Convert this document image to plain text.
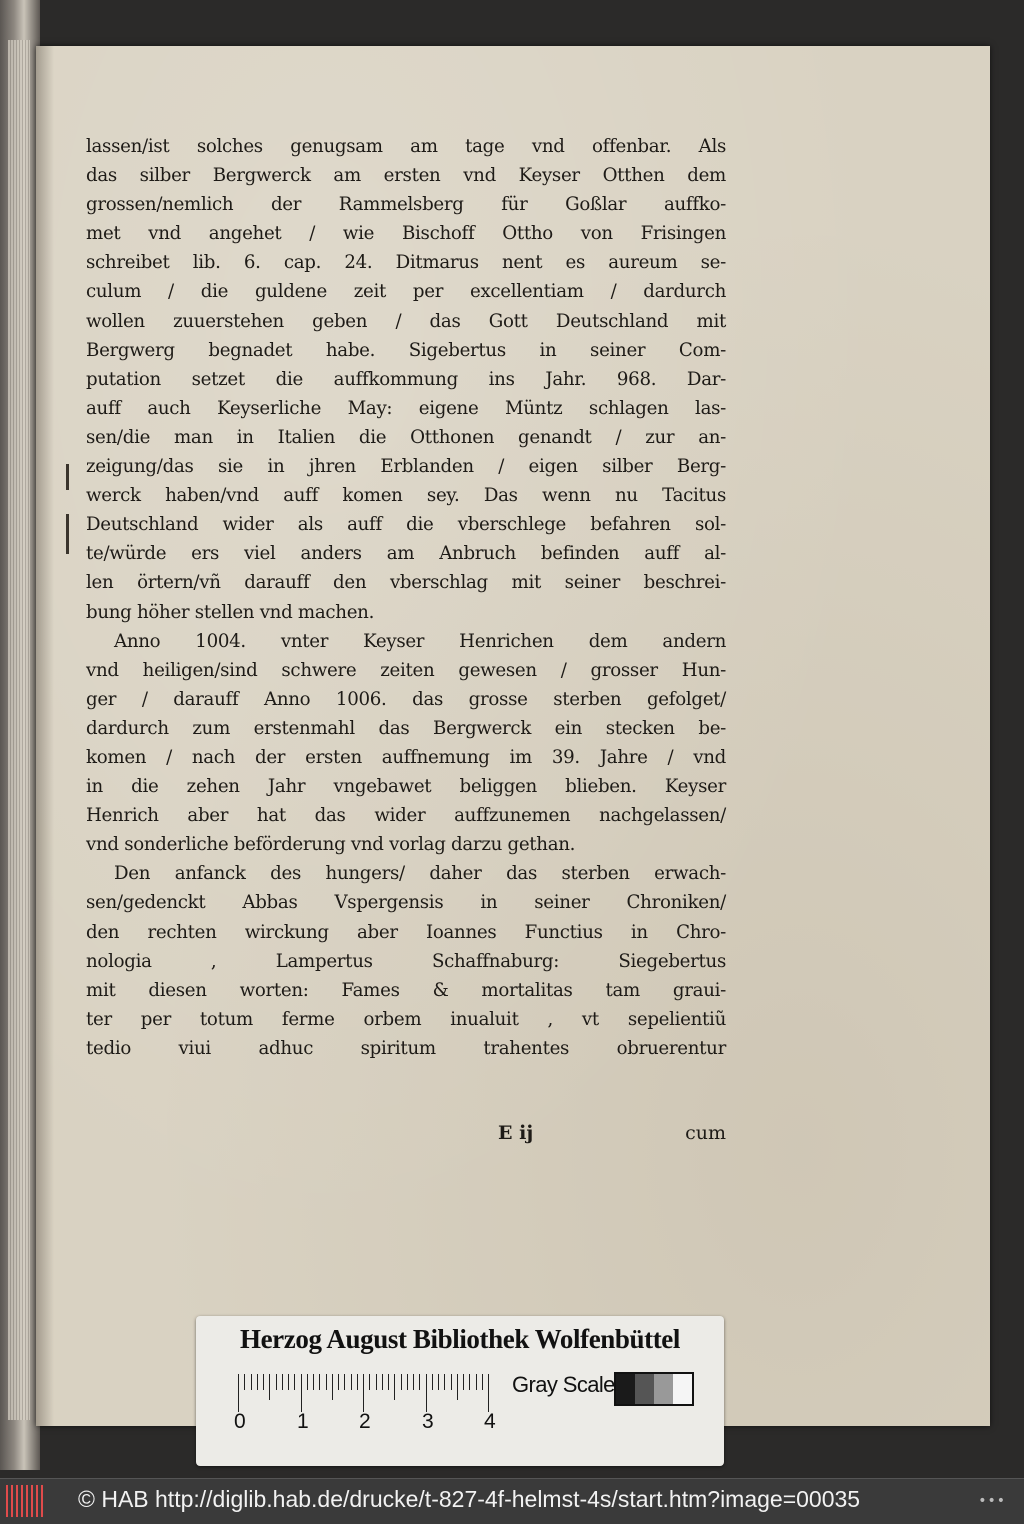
lassen/ist solches genugsam am tage vnd offenbar. Als
das silber Bergwerck am ersten vnd Keyser Otthen dem
grossen/nemlich der Rammelsberg für Goßlar auffko-
met vnd angehet / wie Bischoff Ottho von Frisingen
schreibet lib. 6. cap. 24. Ditmarus nent es aureum se-
culum / die guldene zeit per excellentiam / dardurch
wollen zuuerstehen geben / das Gott Deutschland mit
Bergwerg begnadet habe. Sigebertus in seiner Com-
putation setzet die auffkommung ins Jahr. 968. Dar-
auff auch Keyserliche May: eigene Müntz schlagen las-
sen/die man in Italien die Otthonen genandt / zur an-
zeigung/das sie in jhren Erblanden / eigen silber Berg-
werck haben/vnd auff komen sey. Das wenn nu Tacitus
Deutschland wider als auff die vberschlege befahren sol-
te/würde ers viel anders am Anbruch befinden auff al-
len örtern/vñ darauff den vberschlag mit seiner beschrei-
bung höher stellen vnd machen.
Anno 1004. vnter Keyser Henrichen dem andern
vnd heiligen/sind schwere zeiten gewesen / grosser Hun-
ger / darauff Anno 1006. das grosse sterben gefolget/
dardurch zum erstenmahl das Bergwerck ein stecken be-
komen / nach der ersten auffnemung im 39. Jahre / vnd
in die zehen Jahr vngebawet beliggen blieben. Keyser
Henrich aber hat das wider auffzunemen nachgelassen/
vnd sonderliche beförderung vnd vorlag darzu gethan.
Den anfanck des hungers/ daher das sterben erwach-
sen/gedenckt Abbas Vspergensis in seiner Chroniken/
den rechten wirckung aber Ioannes Functius in Chro-
nologia , Lampertus Schaffnaburg: Siegebertus
mit diesen worten: Fames & mortalitas tam graui-
ter per totum ferme orbem inualuit , vt sepelientiũ
tedio viui adhuc spiritum trahentes obruerentur
E ij	cum
Herzog August Bibliothek Wolfenbüttel
0 1 2 3 4
Gray Scale
© HAB http://diglib.hab.de/drucke/t-827-4f-helmst-4s/start.htm?image=00035	•••
